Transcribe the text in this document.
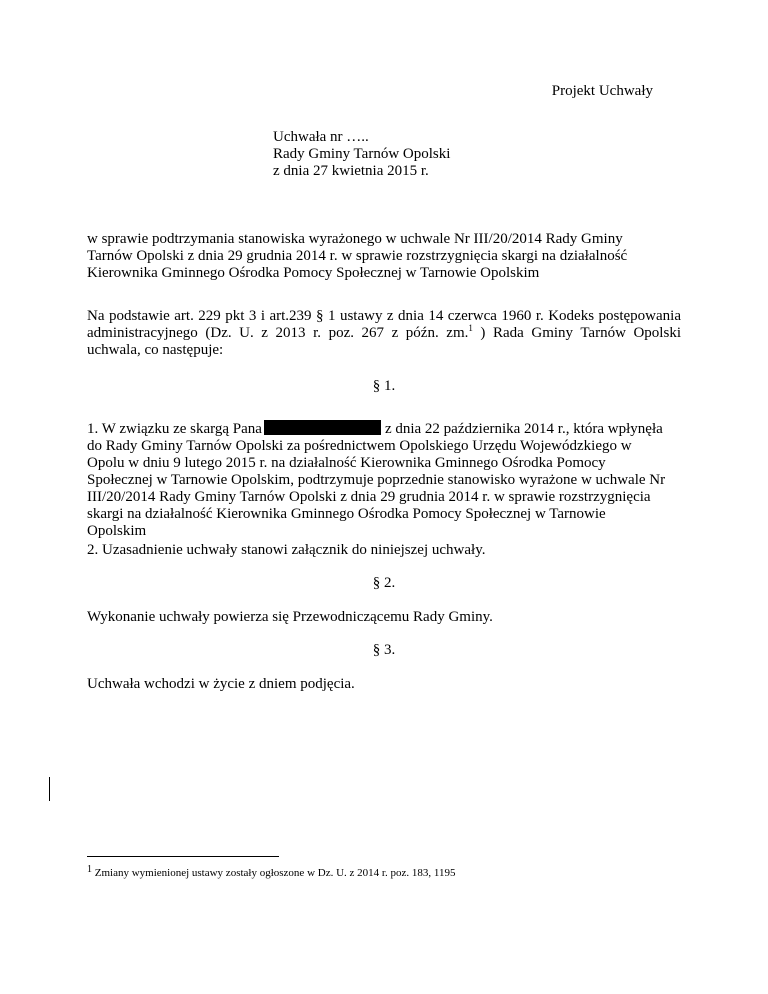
Projekt Uchwały
Uchwała nr …..
Rady Gminy Tarnów Opolski
z dnia 27 kwietnia 2015 r.
w sprawie podtrzymania stanowiska wyrażonego w uchwale Nr III/20/2014 Rady Gminy Tarnów Opolski z dnia 29 grudnia 2014 r. w sprawie rozstrzygnięcia skargi na działalność Kierownika Gminnego Ośrodka Pomocy Społecznej w Tarnowie Opolskim
Na podstawie art. 229 pkt 3 i art.239 § 1 ustawy z dnia 14 czerwca 1960 r. Kodeks postępowania administracyjnego (Dz. U. z 2013 r. poz. 267 z późn. zm.$^1$ ) Rada Gminy Tarnów Opolski uchwala, co następuje:
§ 1.
1. W związku ze skargą Pana	z dnia 22 października 2014 r., która wpłynęła do Rady Gminy Tarnów Opolski za pośrednictwem Opolskiego Urzędu Wojewódzkiego w Opolu w dniu 9 lutego 2015 r. na działalność Kierownika Gminnego Ośrodka Pomocy Społecznej w Tarnowie Opolskim, podtrzymuje poprzednie stanowisko wyrażone w uchwale Nr III/20/2014 Rady Gminy Tarnów Opolski z dnia 29 grudnia 2014 r. w sprawie rozstrzygnięcia skargi na działalność Kierownika Gminnego Ośrodka Pomocy Społecznej w Tarnowie Opolskim
2. Uzasadnienie uchwały stanowi załącznik do niniejszej uchwały.
§ 2.
Wykonanie uchwały powierza się Przewodniczącemu Rady Gminy.
§ 3.
Uchwała wchodzi w życie z dniem podjęcia.
$^1$ Zmiany wymienionej ustawy zostały ogłoszone w Dz. U. z 2014 r. poz. 183, 1195
